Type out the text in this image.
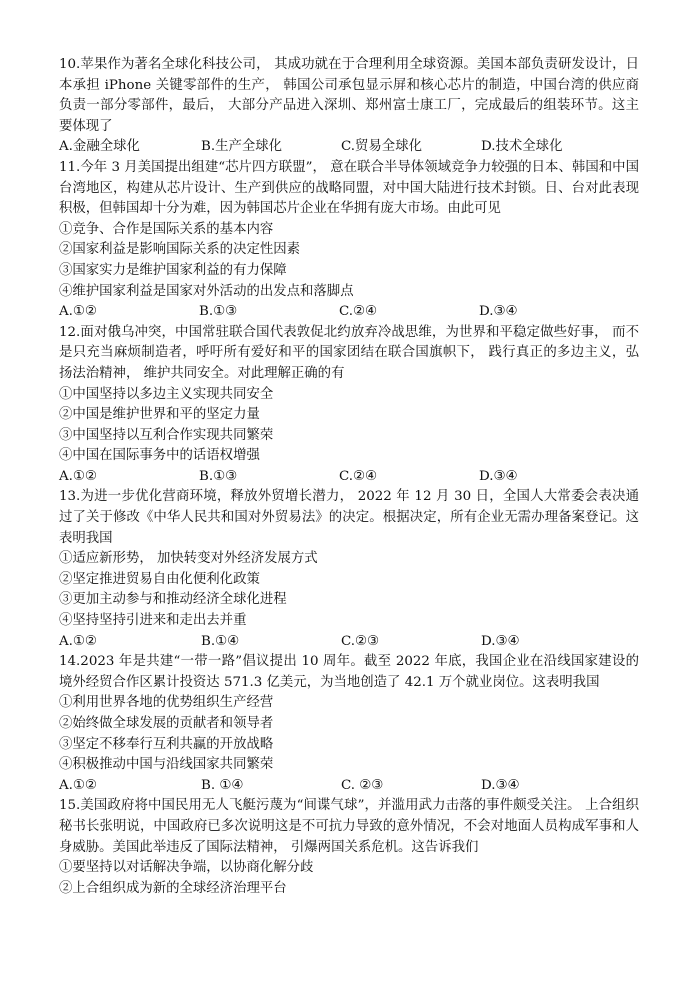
10.苹果作为著名全球化科技公司， 其成功就在于合理利用全球资源。美国本部负责研发设计，日本承担 iPhone 关键零部件的生产， 韩国公司承包显示屏和核心芯片的制造，中国台湾的供应商负责一部分零部件，最后， 大部分产品进入深圳、郑州富士康工厂，完成最后的组装环节。这主要体现了

A.金融全球化	B.生产全球化	C.贸易全球化	D.技术全球化

11.今年 3 月美国提出组建“芯片四方联盟”， 意在联合半导体领域竞争力较强的日本、韩国和中国台湾地区，构建从芯片设计、生产到供应的战略同盟，对中国大陆进行技术封锁。日、台对此表现积极，但韩国却十分为难，因为韩国芯片企业在华拥有庞大市场。由此可见

①竞争、合作是国际关系的基本内容

②国家利益是影响国际关系的决定性因素

③国家实力是维护国家利益的有力保障

④维护国家利益是国家对外活动的出发点和落脚点

A.①②	B.①③	C.②④	D.③④

12.面对俄乌冲突，中国常驻联合国代表敦促北约放弃冷战思维，为世界和平稳定做些好事， 而不是只充当麻烦制造者，呼吁所有爱好和平的国家团结在联合国旗帜下， 践行真正的多边主义，弘扬法治精神， 维护共同安全。对此理解正确的有

①中国坚持以多边主义实现共同安全

②中国是维护世界和平的坚定力量

③中国坚持以互利合作实现共同繁荣

④中国在国际事务中的话语权增强

A.①②	B.①③	C.②④	D.③④

13.为进一步优化营商环境，释放外贸增长潜力， 2022 年 12 月 30 日，全国人大常委会表决通过了关于修改《中华人民共和国对外贸易法》的决定。根据决定，所有企业无需办理备案登记。这表明我国

①适应新形势， 加快转变对外经济发展方式

②坚定推进贸易自由化便利化政策

③更加主动参与和推动经济全球化进程

④坚持坚持引进来和走出去并重

A.①②	B.①④	C.②③	D.③④

14.2023 年是共建“一带一路”倡议提出 10 周年。截至 2022 年底，我国企业在沿线国家建设的境外经贸合作区累计投资达 571.3 亿美元，为当地创造了 42.1 万个就业岗位。这表明我国

①利用世界各地的优势组织生产经营

②始终做全球发展的贡献者和领导者

③坚定不移奉行互利共赢的开放战略

④积极推动中国与沿线国家共同繁荣

A.①②	B. ①④	C. ②③	D.③④

15.美国政府将中国民用无人飞艇污蔑为“间谍气球”，并滥用武力击落的事件颇受关注。 上合组织秘书长张明说，中国政府已多次说明这是不可抗力导致的意外情况，不会对地面人员构成军事和人身威胁。美国此举违反了国际法精神， 引爆两国关系危机。这告诉我们

①要坚持以对话解决争端，以协商化解分歧

②上合组织成为新的全球经济治理平台
